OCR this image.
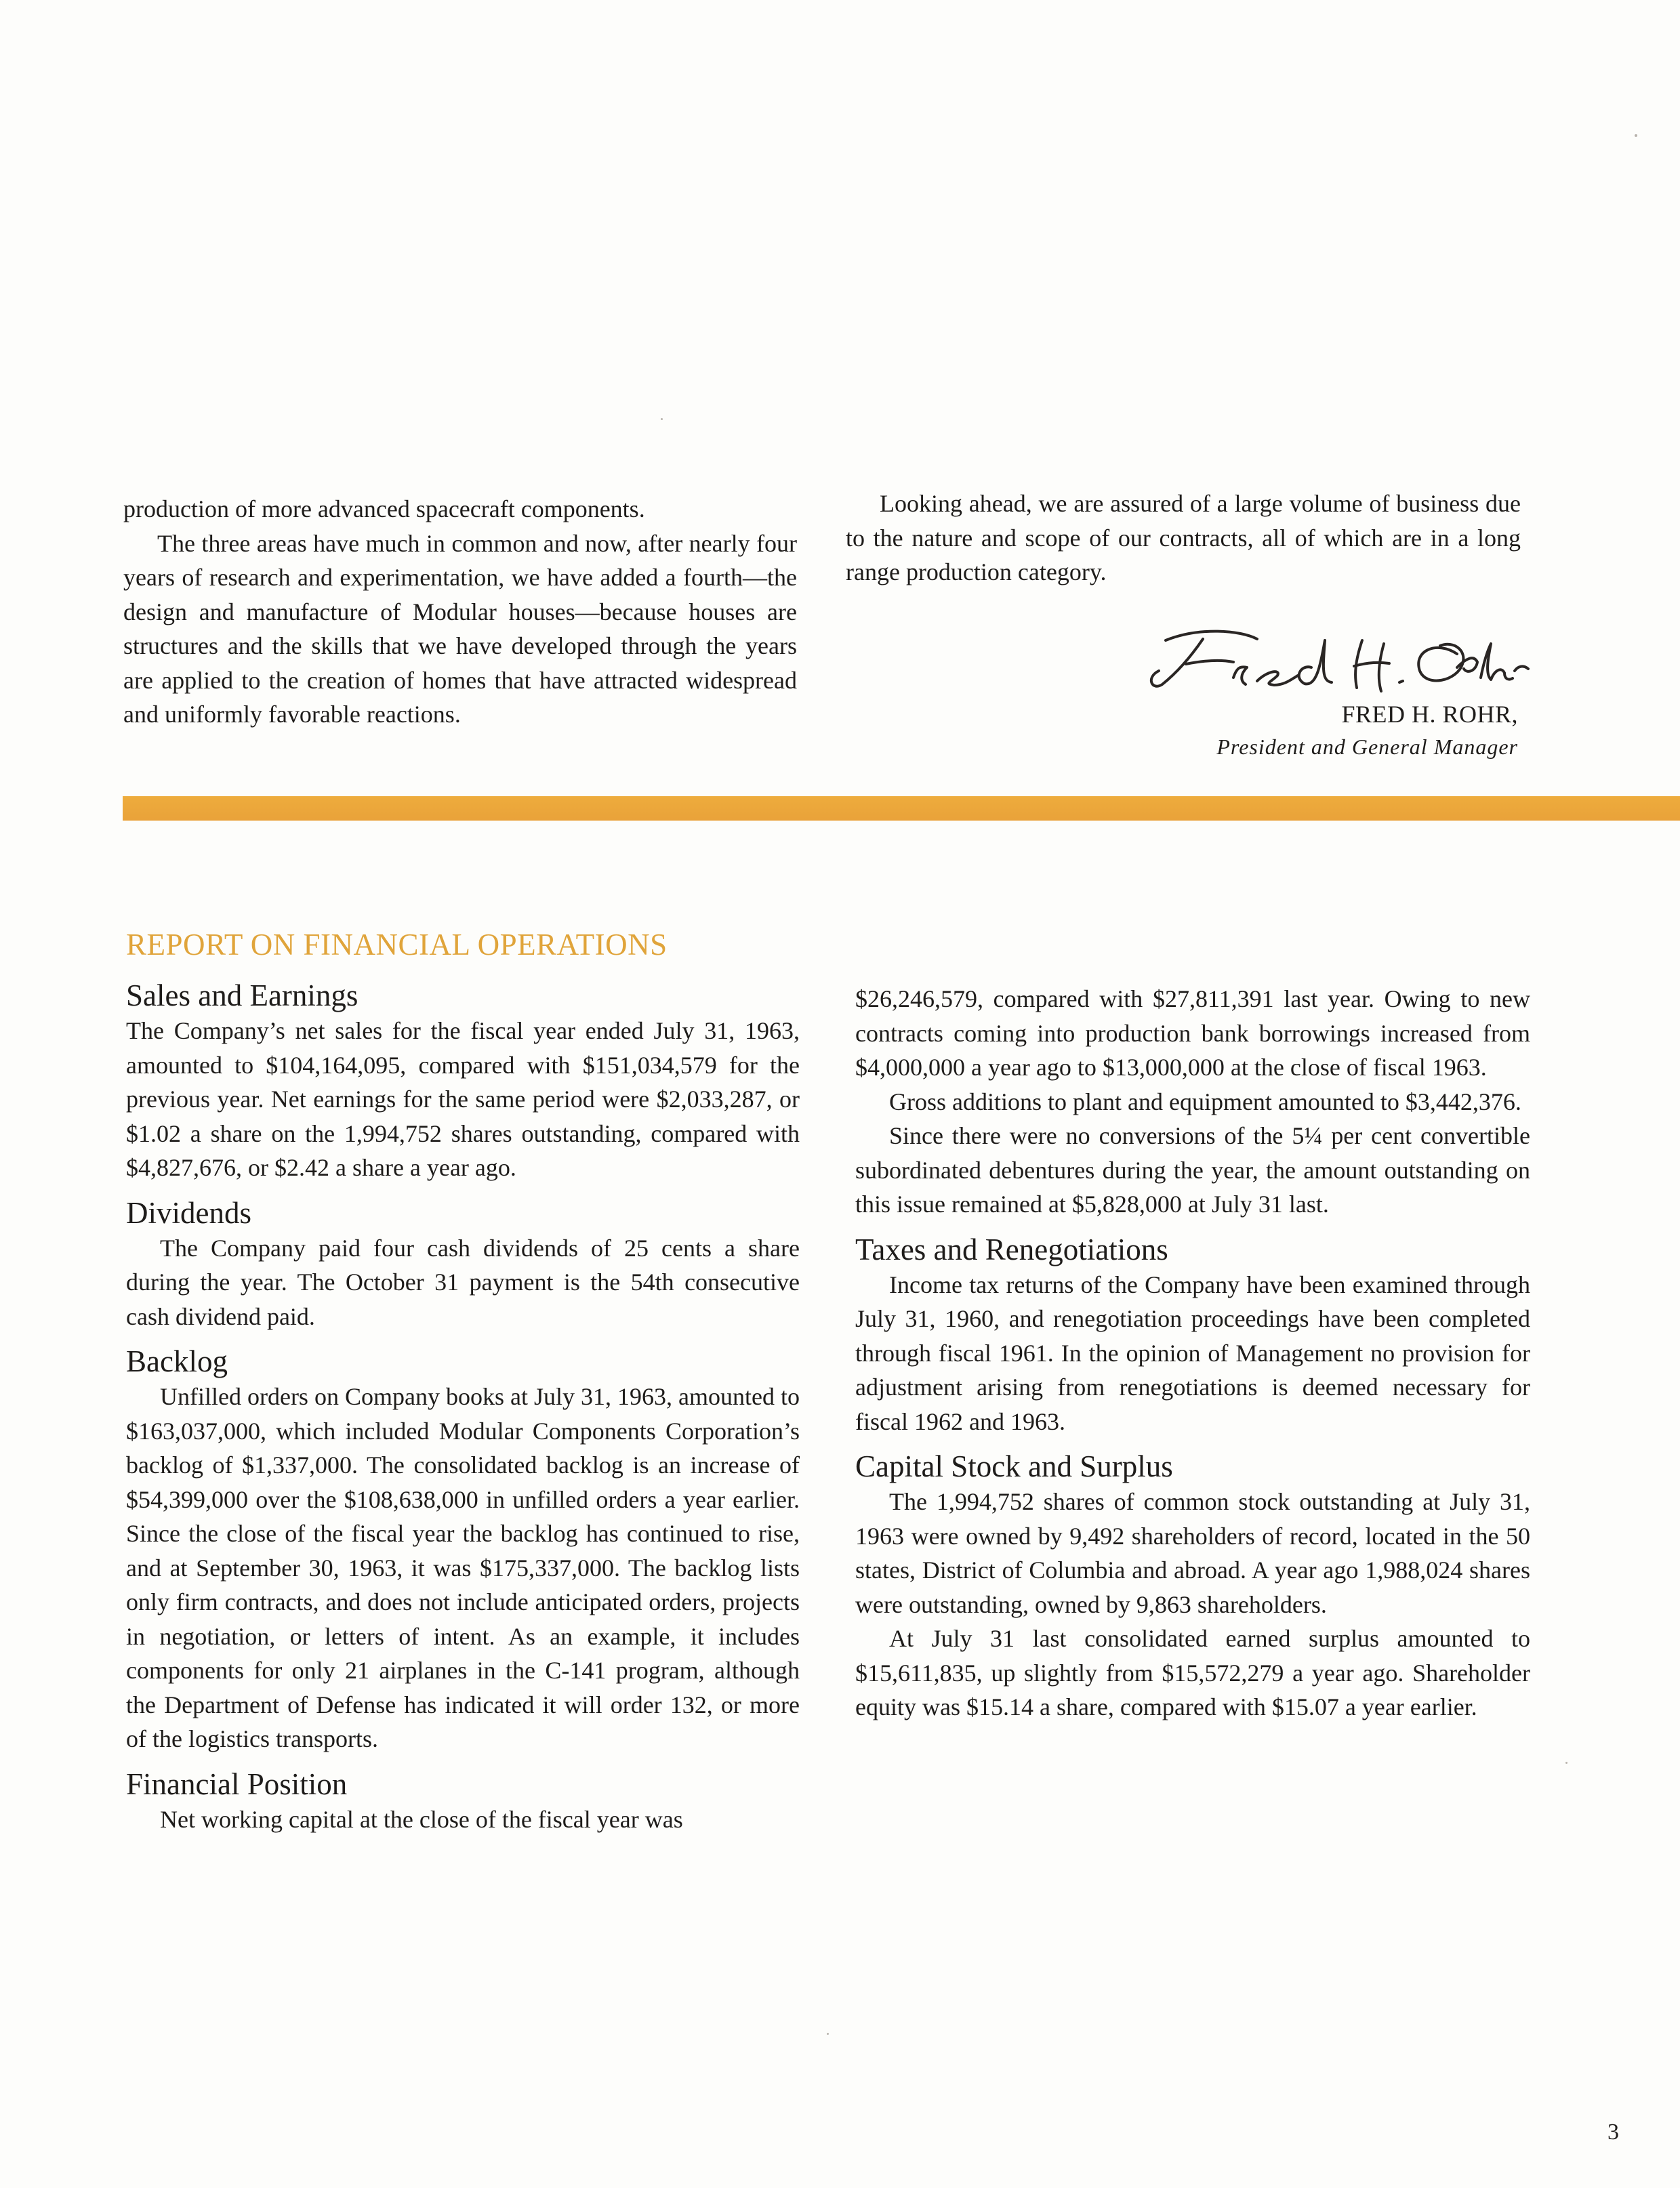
production of more advanced spacecraft components.

The three areas have much in common and now, after nearly four years of research and experimentation, we have added a fourth—the design and manufacture of Modular houses—because houses are structures and the skills that we have developed through the years are applied to the creation of homes that have attracted widespread and uniformly favorable reactions.

Looking ahead, we are assured of a large volume of business due to the nature and scope of our contracts, all of which are in a long range production category.

FRED H. ROHR,
President and General Manager
REPORT ON FINANCIAL OPERATIONS

Sales and Earnings

The Company’s net sales for the fiscal year ended July 31, 1963, amounted to $104,164,095, compared with $151,034,579 for the previous year. Net earnings for the same period were $2,033,287, or $1.02 a share on the 1,994,752 shares outstanding, compared with $4,827,676, or $2.42 a share a year ago.

Dividends

The Company paid four cash dividends of 25 cents a share during the year. The October 31 payment is the 54th consecutive cash dividend paid.

Backlog

Unfilled orders on Company books at July 31, 1963, amounted to $163,037,000, which included Modular Components Corporation’s backlog of $1,337,000. The consolidated backlog is an increase of $54,399,000 over the $108,638,000 in unfilled orders a year earlier. Since the close of the fiscal year the backlog has continued to rise, and at September 30, 1963, it was $175,337,000. The backlog lists only firm contracts, and does not include anticipated orders, projects in negotiation, or letters of intent. As an example, it includes components for only 21 airplanes in the C-141 program, although the Department of Defense has indicated it will order 132, or more of the logistics transports.

Financial Position

Net working capital at the close of the fiscal year was

$26,246,579, compared with $27,811,391 last year. Owing to new contracts coming into production bank borrowings increased from $4,000,000 a year ago to $13,000,000 at the close of fiscal 1963.

Gross additions to plant and equipment amounted to $3,442,376.

Since there were no conversions of the 5¼ per cent convertible subordinated debentures during the year, the amount outstanding on this issue remained at $5,828,000 at July 31 last.

Taxes and Renegotiations

Income tax returns of the Company have been examined through July 31, 1960, and renegotiation proceedings have been completed through fiscal 1961. In the opinion of Management no provision for adjustment arising from renegotiations is deemed necessary for fiscal 1962 and 1963.

Capital Stock and Surplus

The 1,994,752 shares of common stock outstanding at July 31, 1963 were owned by 9,492 shareholders of record, located in the 50 states, District of Columbia and abroad. A year ago 1,988,024 shares were outstanding, owned by 9,863 shareholders.

At July 31 last consolidated earned surplus amounted to $15,611,835, up slightly from $15,572,279 a year ago. Shareholder equity was $15.14 a share, compared with $15.07 a year earlier.

3
